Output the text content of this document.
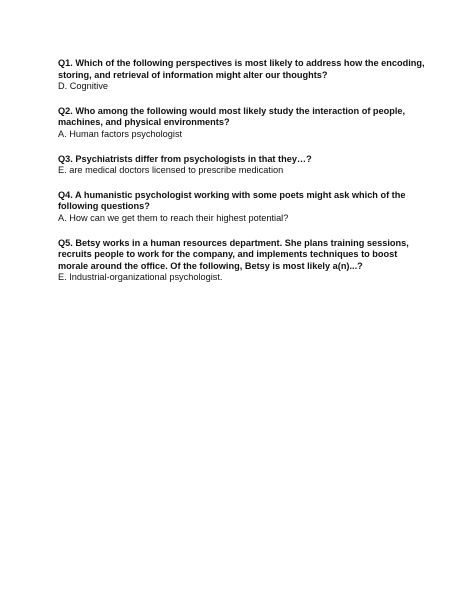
Q1. Which of the following perspectives is most likely to address how the encoding, storing, and retrieval of information might alter our thoughts?

D. Cognitive

Q2. Who among the following would most likely study the interaction of people, machines, and physical environments?

A. Human factors psychologist

Q3. Psychiatrists differ from psychologists in that they…?

E. are medical doctors licensed to prescribe medication

Q4. A humanistic psychologist working with some poets might ask which of the following questions?

A. How can we get them to reach their highest potential?

Q5. Betsy works in a human resources department. She plans training sessions, recruits people to work for the company, and implements techniques to boost morale around the office. Of the following, Betsy is most likely a(n)...?

E. Industrial-organizational psychologist.
